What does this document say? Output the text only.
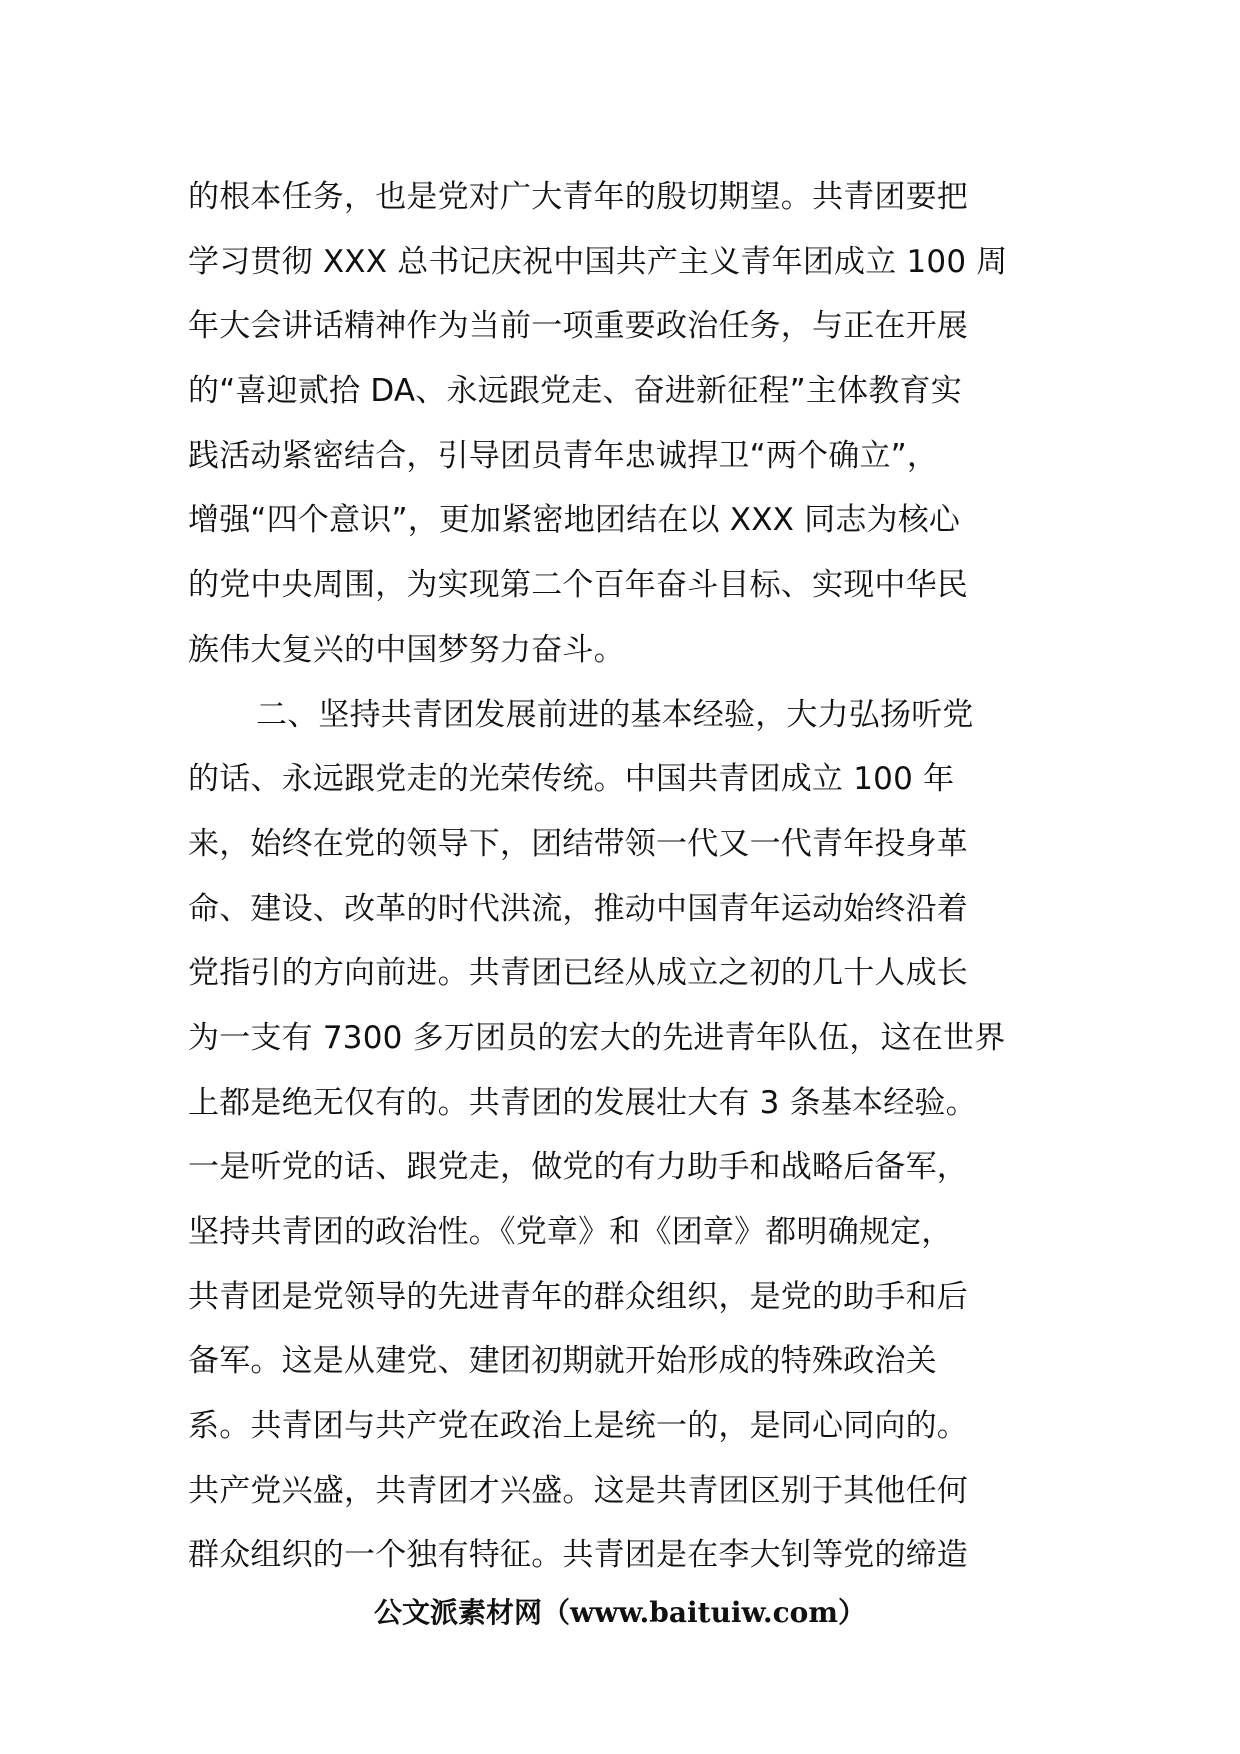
的根本任务，也是党对广大青年的殷切期望。共青团要把
学习贯彻 XXX 总书记庆祝中国共产主义青年团成立 100 周
年大会讲话精神作为当前一项重要政治任务，与正在开展
的“喜迎贰拾 DA、永远跟党走、奋进新征程”主体教育实
践活动紧密结合，引导团员青年忠诚捍卫“两个确立”，
增强“四个意识”，更加紧密地团结在以 XXX 同志为核心
的党中央周围，为实现第二个百年奋斗目标、实现中华民
族伟大复兴的中国梦努力奋斗。
二、坚持共青团发展前进的基本经验，大力弘扬听党
的话、永远跟党走的光荣传统。中国共青团成立 100 年
来，始终在党的领导下，团结带领一代又一代青年投身革
命、建设、改革的时代洪流，推动中国青年运动始终沿着
党指引的方向前进。共青团已经从成立之初的几十人成长
为一支有 7300 多万团员的宏大的先进青年队伍，这在世界
上都是绝无仅有的。共青团的发展壮大有 3 条基本经验。
一是听党的话、跟党走，做党的有力助手和战略后备军，
坚持共青团的政治性。《党章》和《团章》都明确规定，
共青团是党领导的先进青年的群众组织，是党的助手和后
备军。这是从建党、建团初期就开始形成的特殊政治关
系。共青团与共产党在政治上是统一的，是同心同向的。
共产党兴盛，共青团才兴盛。这是共青团区别于其他任何
群众组织的一个独有特征。共青团是在李大钊等党的缔造
公文派素材网（www.baituiw.com）
